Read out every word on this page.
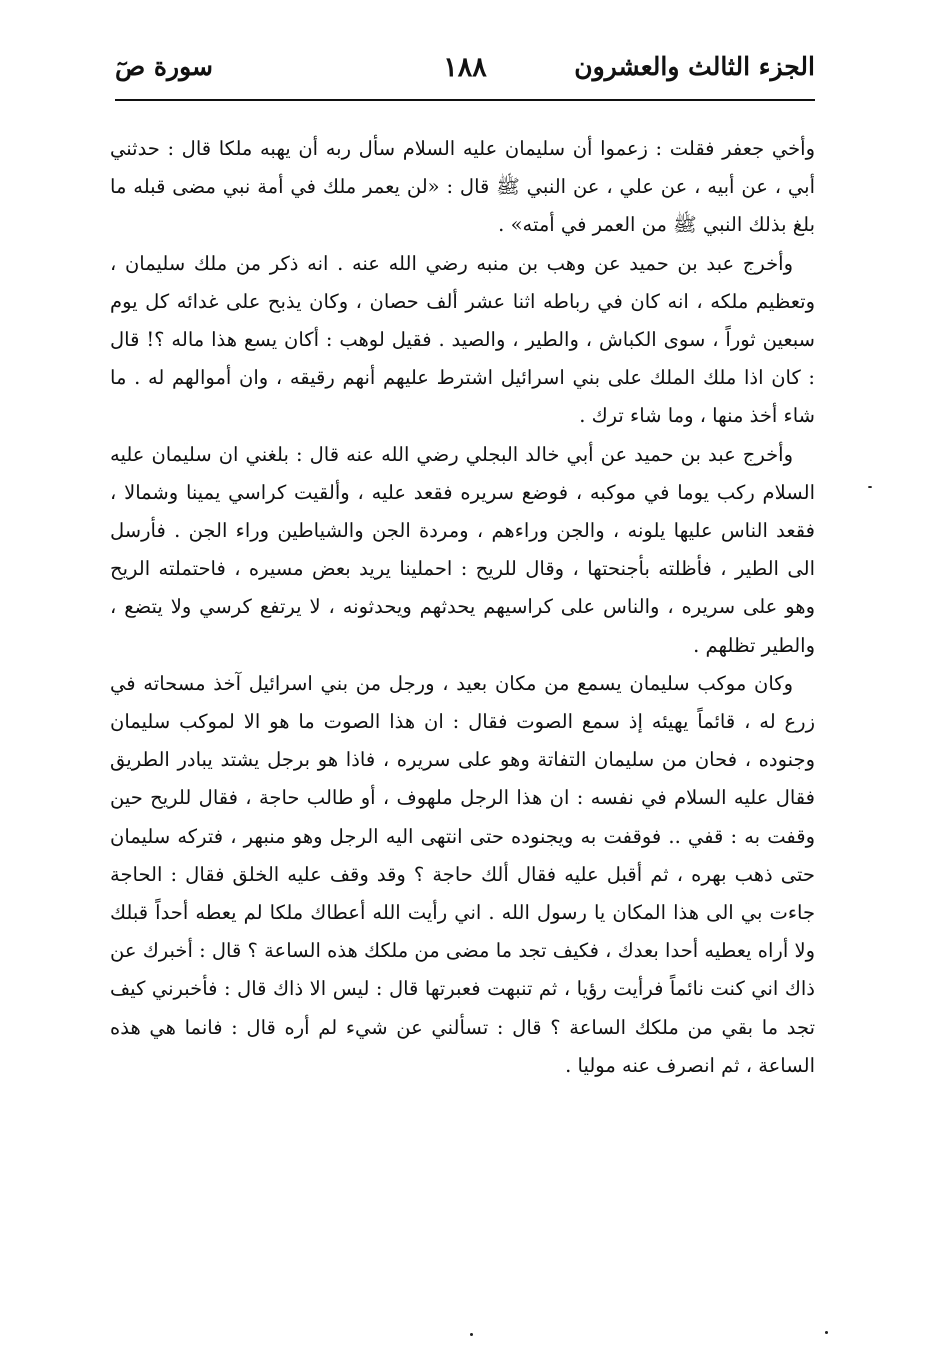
الجزء الثالث والعشرون
١٨٨
سورة صٓ

وأخي جعفر فقلت : زعموا أن سليمان عليه السلام سأل ربه أن يهبه ملكا قال : حدثني أبي ، عن أبيه ، عن علي ، عن النبي ﷺ قال : «لن يعمر ملك في أمة نبي مضى قبله ما بلغ بذلك النبي ﷺ من العمر في أمته» .

وأخرج عبد بن حميد عن وهب بن منبه رضي الله عنه . انه ذكر من ملك سليمان ، وتعظيم ملكه ، انه كان في رباطه اثنا عشر ألف حصان ، وكان يذبح على غدائه كل يوم سبعين ثوراً ، سوى الكباش ، والطير ، والصيد . فقيل لوهب : أكان يسع هذا ماله ؟! قال : كان اذا ملك الملك على بني اسرائيل اشترط عليهم أنهم رقيقه ، وان أموالهم له . ما شاء أخذ منها ، وما شاء ترك .

وأخرج عبد بن حميد عن أبي خالد البجلي رضي الله عنه قال : بلغني ان سليمان عليه السلام ركب يوما في موكبه ، فوضع سريره فقعد عليه ، وألقيت كراسي يمينا وشمالا ، فقعد الناس عليها يلونه ، والجن وراءهم ، ومردة الجن والشياطين وراء الجن . فأرسل الى الطير ، فأظلته بأجنحتها ، وقال للريح : احملينا يريد بعض مسيره ، فاحتملته الريح وهو على سريره ، والناس على كراسيهم يحدثهم ويحدثونه ، لا يرتفع كرسي ولا يتضع ، والطير تظلهم .

وكان موكب سليمان يسمع من مكان بعيد ، ورجل من بني اسرائيل آخذ مسحاته في زرع له ، قائماً يهيئه إذ سمع الصوت فقال : ان هذا الصوت ما هو الا لموكب سليمان وجنوده ، فحان من سليمان التفاتة وهو على سريره ، فاذا هو برجل يشتد يبادر الطريق فقال عليه السلام في نفسه : ان هذا الرجل ملهوف ، أو طالب حاجة ، فقال للريح حين وقفت به : قفي .. فوقفت به ويجنوده حتى انتهى اليه الرجل وهو منبهر ، فتركه سليمان حتى ذهب بهره ، ثم أقبل عليه فقال ألك حاجة ؟ وقد وقف عليه الخلق فقال : الحاجة جاءت بي الى هذا المكان يا رسول الله . اني رأيت الله أعطاك ملكا لم يعطه أحداً قبلك ولا أراه يعطيه أحدا بعدك ، فكيف تجد ما مضى من ملكك هذه الساعة ؟ قال : أخبرك عن ذاك اني كنت نائماً فرأيت رؤيا ، ثم تنبهت فعبرتها قال : ليس الا ذاك قال : فأخبرني كيف تجد ما بقي من ملكك الساعة ؟ قال : تسألني عن شيء لم أره قال : فانما هي هذه الساعة ، ثم انصرف عنه موليا .
